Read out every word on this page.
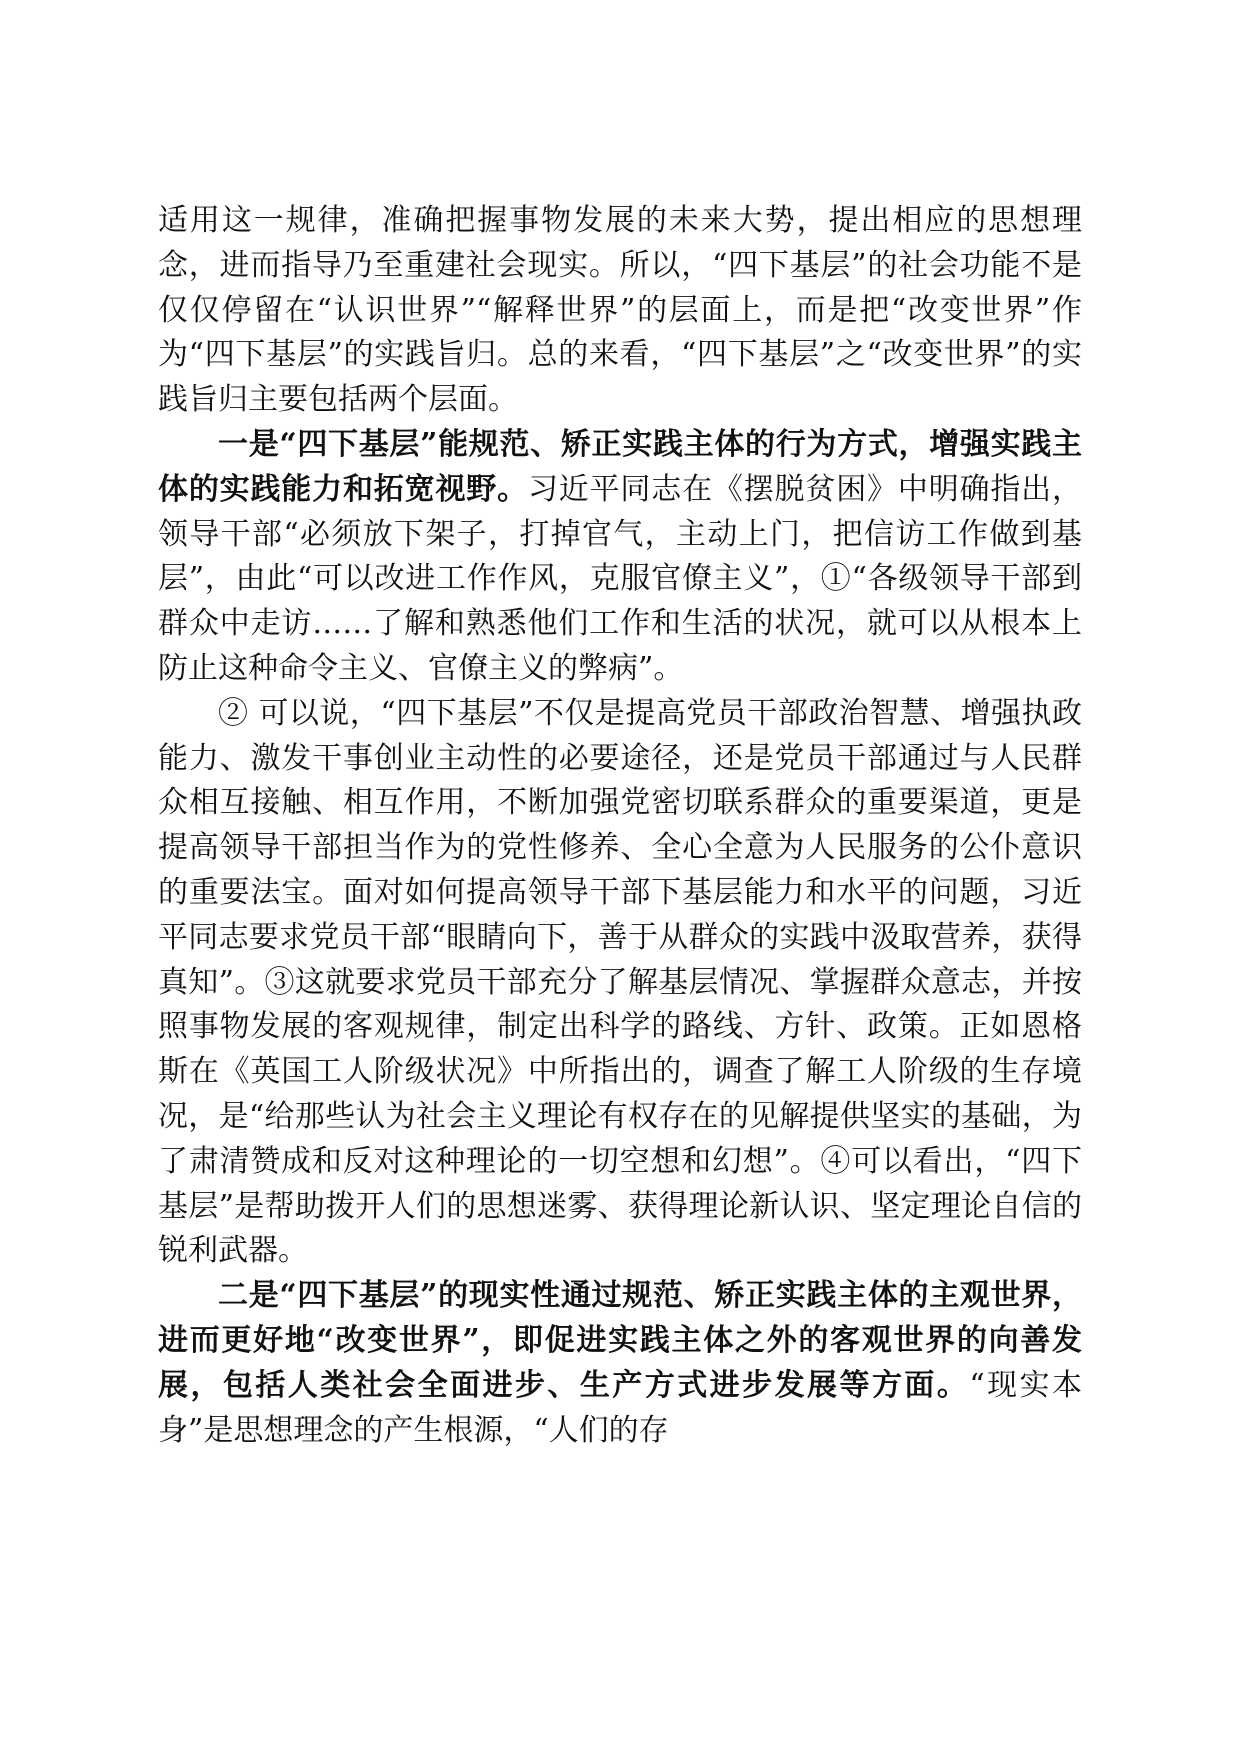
适用这一规律，准确把握事物发展的未来大势，提出相应的思想理念，进而指导乃至重建社会现实。所以，“四下基层”的社会功能不是仅仅停留在“认识世界”“解释世界”的层面上，而是把“改变世界”作为“四下基层”的实践旨归。总的来看，“四下基层”之“改变世界”的实践旨归主要包括两个层面。

一是“四下基层”能规范、矫正实践主体的行为方式，增强实践主体的实践能力和拓宽视野。习近平同志在《摆脱贫困》中明确指出，领导干部“必须放下架子，打掉官气，主动上门，把信访工作做到基层”，由此“可以改进工作作风，克服官僚主义”，①“各级领导干部到群众中走访……了解和熟悉他们工作和生活的状况，就可以从根本上防止这种命令主义、官僚主义的弊病”。

② 可以说，“四下基层”不仅是提高党员干部政治智慧、增强执政能力、激发干事创业主动性的必要途径，还是党员干部通过与人民群众相互接触、相互作用，不断加强党密切联系群众的重要渠道，更是提高领导干部担当作为的党性修养、全心全意为人民服务的公仆意识的重要法宝。面对如何提高领导干部下基层能力和水平的问题，习近平同志要求党员干部“眼睛向下，善于从群众的实践中汲取营养，获得真知”。③这就要求党员干部充分了解基层情况、掌握群众意志，并按照事物发展的客观规律，制定出科学的路线、方针、政策。正如恩格斯在《英国工人阶级状况》中所指出的，调查了解工人阶级的生存境况，是“给那些认为社会主义理论有权存在的见解提供坚实的基础，为了肃清赞成和反对这种理论的一切空想和幻想”。④可以看出，“四下基层”是帮助拨开人们的思想迷雾、获得理论新认识、坚定理论自信的锐利武器。

二是“四下基层”的现实性通过规范、矫正实践主体的主观世界，进而更好地“改变世界”，即促进实践主体之外的客观世界的向善发展，包括人类社会全面进步、生产方式进步发展等方面。“现实本身”是思想理念的产生根源，“人们的存
